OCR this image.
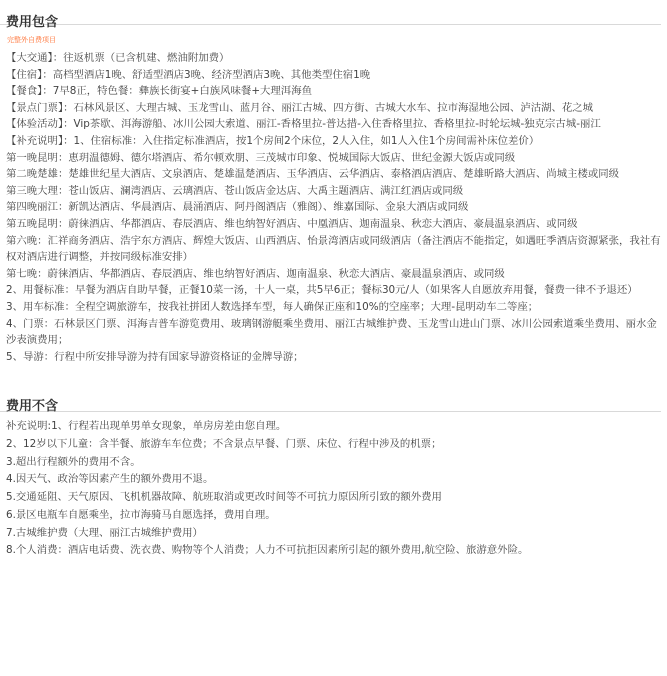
费用包含
完整外自费项目
【大交通】：往返机票（已含机建、燃油附加费）
【住宿】：高档型酒店1晚、舒适型酒店3晚、经济型酒店3晚、其他类型住宿1晚
【餐食】：7早8正，特色餐：彝族长街宴+白族风味餐+大理洱海鱼
【景点门票】：石林风景区、大理古城、玉龙雪山、蓝月谷、丽江古城、四方街、古城大水车、拉市海湿地公园、泸沽湖、花之城
【体验活动】：Vip茶歇、洱海游船、冰川公园大索道、丽江-香格里拉-普达措-入住香格里拉、香格里拉-时轮坛城-独克宗古城-丽江
【补充说明】：1、住宿标准：入住指定标准酒店，按1个房间2个床位，2人入住，如1人入住1个房间需补床位差价）
第一晚昆明：恵玥温德姆、德尔塔酒店、希尔顿欢朋、三茂城市印象、悦城国际大饭店、世纪金源大饭店或同级
第二晚楚雄：楚雄世纪星大酒店、文泉酒店、楚雄温楚酒店、玉华酒店、云华酒店、泰格酒店酒店、楚雄昕路大酒店、尚城主楼或同级
第三晚大理：苍山饭店、澜湾酒店、云璃酒店、苍山饭店金达店、大禹主题酒店、满江红酒店或同级
第四晚丽江：新凯达酒店、华晨酒店、晨涌酒店、阿丹阁酒店（雅阁）、维嘉国际、金泉大酒店或同级
第五晚昆明：蔚徕酒店、华都酒店、春辰酒店、维也纳智好酒店、中凰酒店、迦南温泉、秋恋大酒店、豪晨温泉酒店、或同级
第六晚：汇祥商务酒店、浩宇东方酒店、辉煌大饭店、山西酒店、怡景湾酒店或同级酒店（备注酒店不能指定，如遇旺季酒店资源紧张，我社有权对酒店进行调整，并按同级标准安排）
第七晚：蔚徕酒店、华都酒店、春辰酒店、维也纳智好酒店、迦南温泉、秋恋大酒店、豪晨温泉酒店、或同级
2、用餐标准：早餐为酒店自助早餐，正餐10菜一汤，十人一桌，共5早6正；餐标30元/人（如果客人自愿放弃用餐，餐费一律不予退还）
3、用车标准：全程空调旅游车，按我社拼团人数选择车型，每人确保正座和10%的空座率；大理-昆明动车二等座；
4、门票：石林景区门票、洱海吉普车游览费用、玻璃钢游艇乘坐费用、丽江古城维护费、玉龙雪山进山门票、冰川公园索道乘坐费用、丽水金沙表演费用；
5、导游：行程中所安排导游为持有国家导游资格证的金牌导游；
费用不含
补充说明:1、行程若出现单男单女现象，单房房差由您自理。
2、12岁以下儿童：含半餐、旅游车车位费；不含景点早餐、门票、床位、行程中涉及的机票；
3.超出行程额外的费用不含。
4.因天气、政治等因素产生的额外费用不退。
5.交通延阻、天气原因、飞机机器故障、航班取消或更改时间等不可抗力原因所引致的额外费用
6.景区电瓶车自愿乘坐，拉市海骑马自愿选择，费用自理。
7.古城维护费（大理、丽江古城维护费用）
8.个人消费：酒店电话费、洗衣费、购物等个人消费；人力不可抗拒因素所引起的额外费用,航空险、旅游意外险。
